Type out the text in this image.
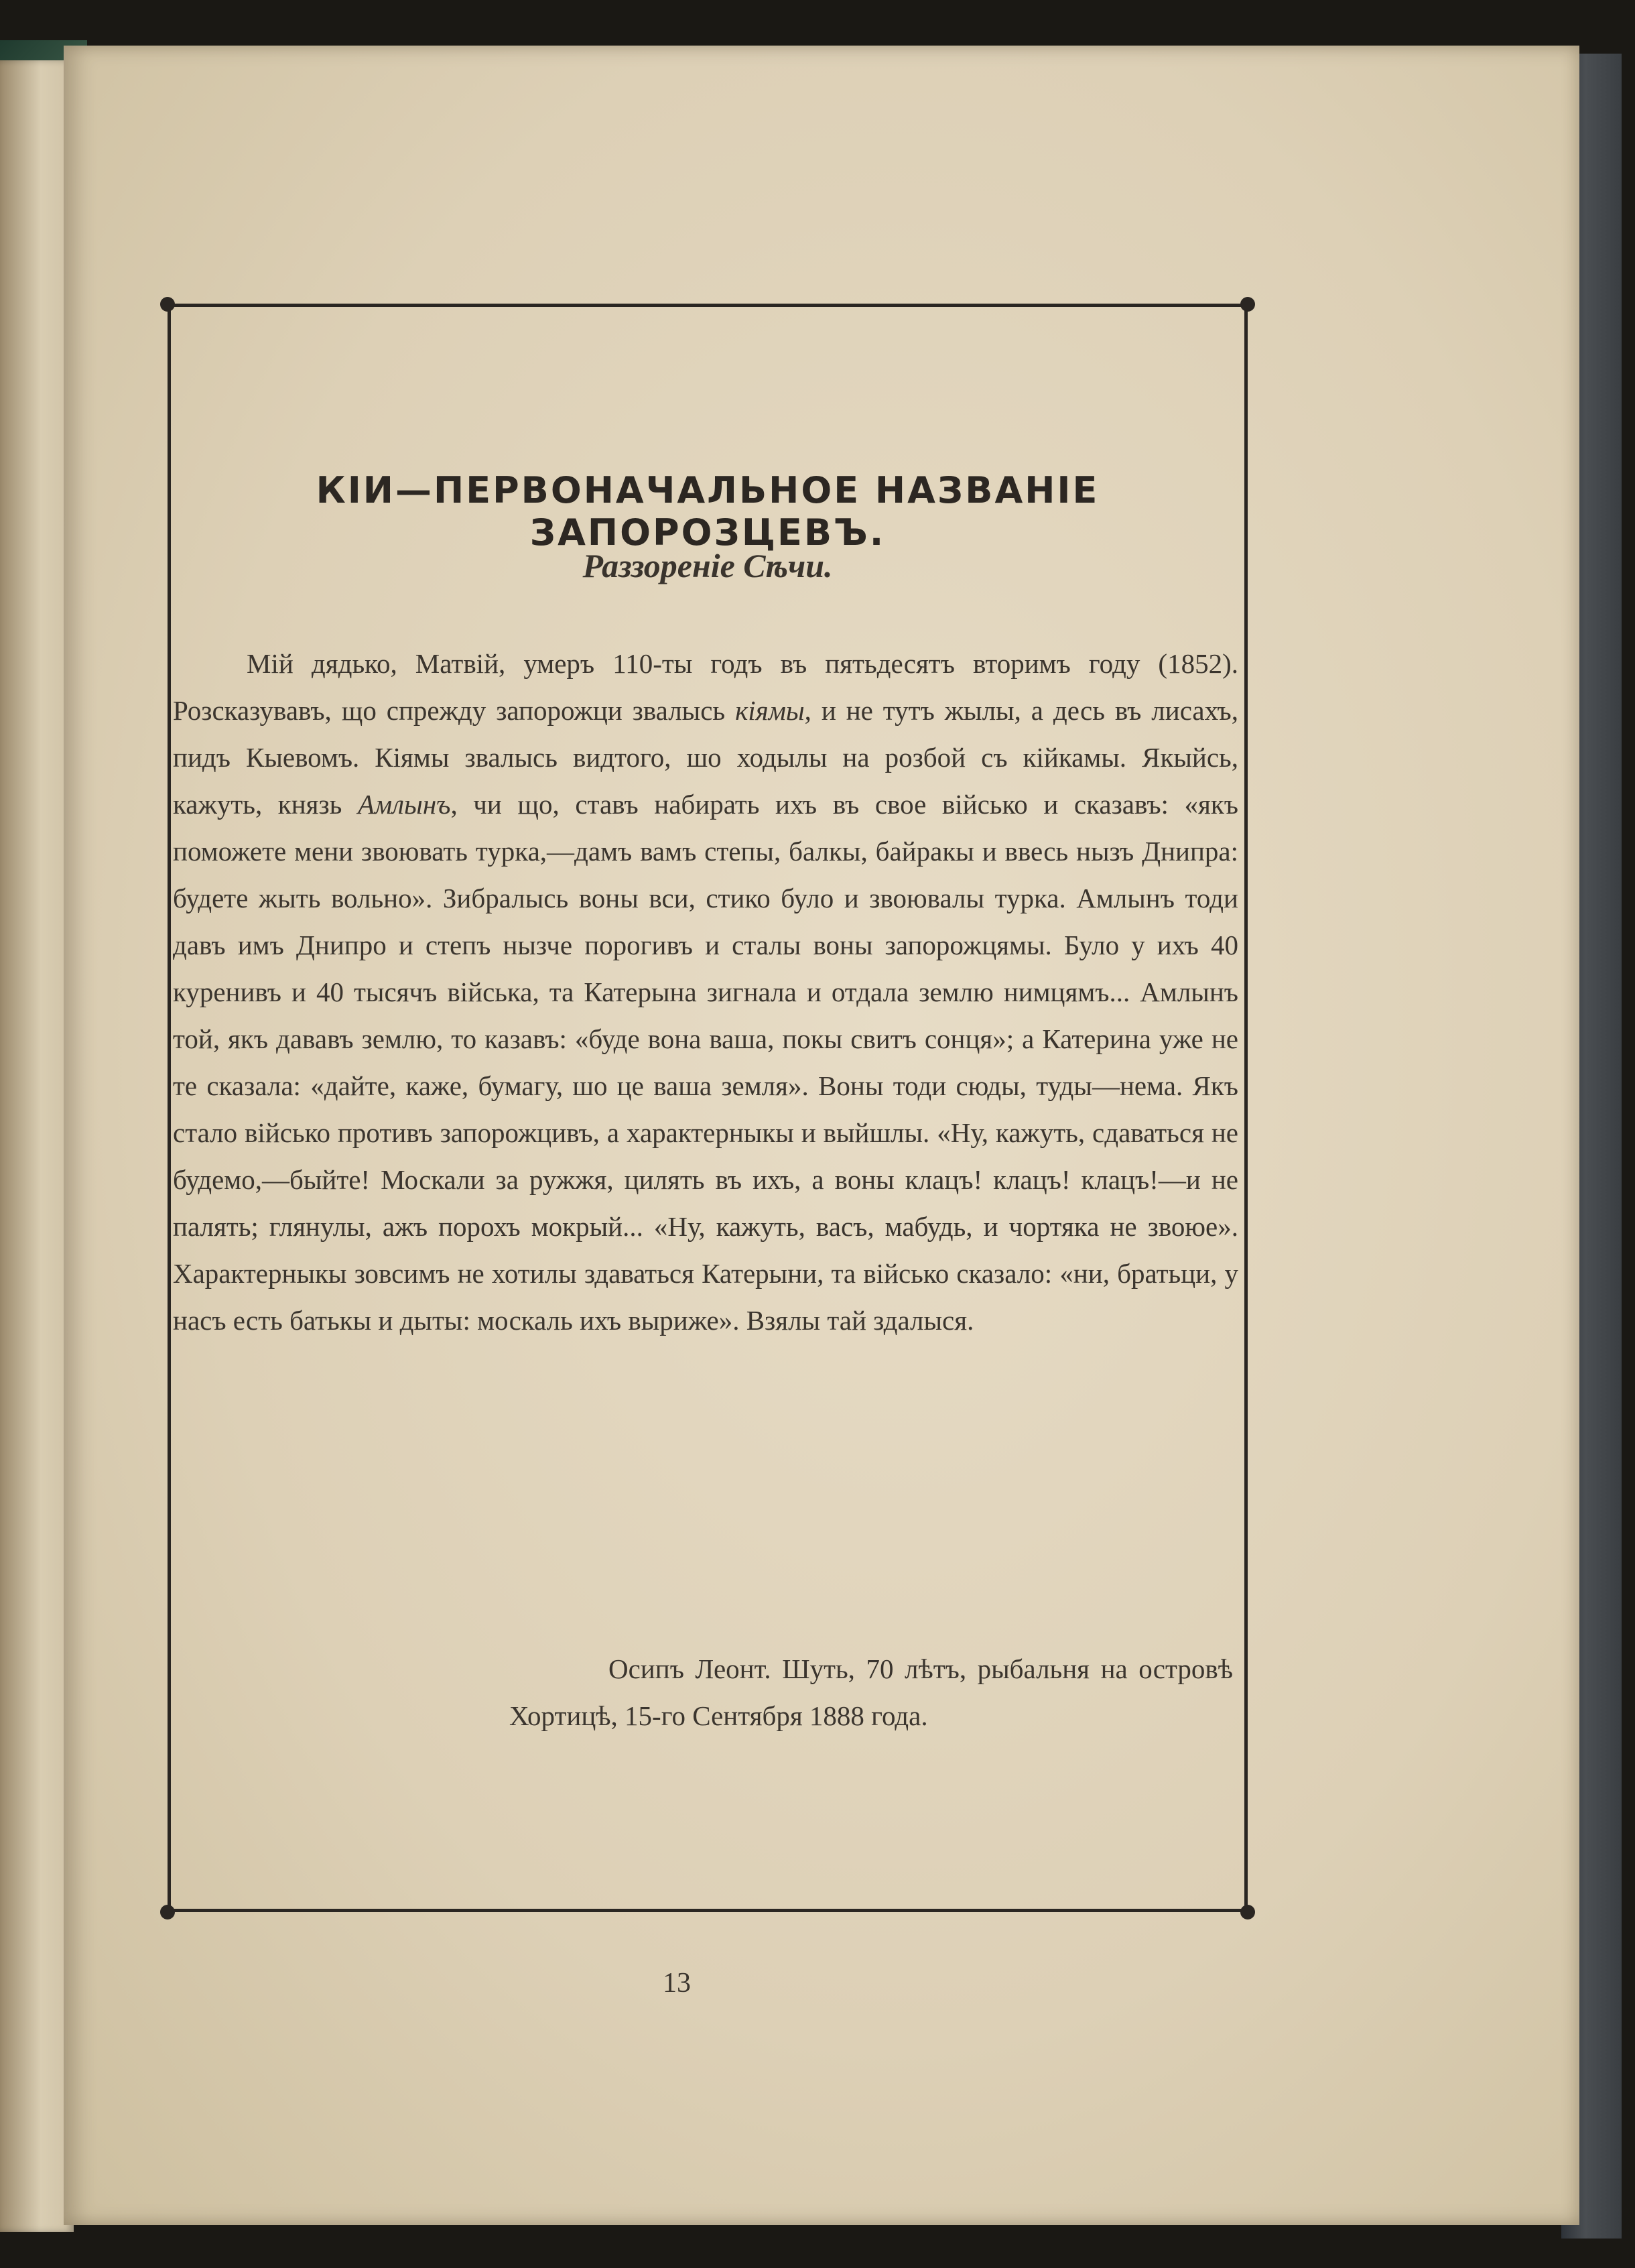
КІИ—ПЕРВОНАЧАЛЬНОЕ НАЗВАНІЕ ЗАПОРОЗЦЕВЪ.
Раззореніе Сѣчи.

Мій дядько, Матвій, умеръ 110-ты годъ въ пятьдесятъ вторимъ году (1852). Розсказувавъ, що спрежду запорожци звалысь кіямы, и не тутъ жылы, а десь въ лисахъ, пидъ Кыевомъ. Кіямы звалысь видтого, шо ходылы на розбой съ кійкамы. Якыйсь, кажуть, князь Амлынъ, чи що, ставъ набирать ихъ въ свое військо и сказавъ: «якъ поможете мени звоювать турка,—дамъ вамъ степы, балкы, байракы и ввесь нызъ Днипра: будете жыть вольно». Зибралысь воны вси, стико було и звоювалы турка. Амлынъ тоди давъ имъ Днипро и степъ нызче порогивъ и сталы воны запорожцямы. Було у ихъ 40 куренивъ и 40 тысячъ війська, та Катерына зигнала и отдала землю нимцямъ... Амлынъ той, якъ дававъ землю, то казавъ: «буде вона ваша, покы свитъ сонця»; а Катерина уже не те сказала: «дайте, каже, бумагу, шо це ваша земля». Воны тоди сюды, туды—нема. Якъ стало військо противъ запорожцивъ, а характерныкы и выйшлы. «Ну, кажуть, сдаваться не будемо,—быйте! Москали за ружжя, цилять въ ихъ, а воны клацъ! клацъ! клацъ!—и не палять; глянулы, ажъ порохъ мокрый... «Ну, кажуть, васъ, мабудь, и чортяка не звоюе». Характерныкы зовсимъ не хотилы здаваться Катерыни, та військо сказало: «ни, братьци, у насъ есть батькы и дыты: москаль ихъ выриже». Взялы тай здалыся.

Осипъ Леонт. Шуть, 70 лѣтъ, рыбальня на островѣ Хортицѣ, 15-го Сентября 1888 года.

13
